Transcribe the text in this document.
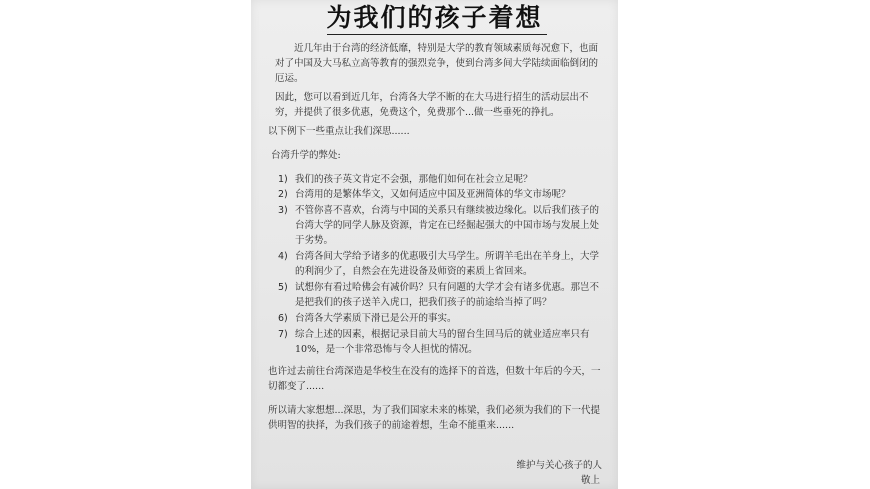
为我们的孩子着想

近几年由于台湾的经济低靡，特别是大学的教育领域素质每况愈下，也面对了中国及大马私立高等教育的强烈竞争，使到台湾多间大学陆续面临倒闭的厄运。

因此，您可以看到近几年，台湾各大学不断的在大马进行招生的活动层出不穷，并提供了很多优惠，免费这个，免费那个...做一些垂死的挣扎。

以下例下一些重点让我们深思......

台湾升学的弊处:

1) 我们的孩子英文肯定不会强，那他们如何在社会立足呢？
2) 台湾用的是繁体华文，又如何适应中国及亚洲简体的华文市场呢？
3) 不管你喜不喜欢，台湾与中国的关系只有继续被边缘化。以后我们孩子的台湾大学的同学人脉及资源，肯定在已经掘起强大的中国市场与发展上处于劣势。
4) 台湾各间大学给予诸多的优惠吸引大马学生。所谓羊毛出在羊身上，大学的利润少了，自然会在先进设备及师资的素质上省回来。
5) 试想你有看过哈佛会有减价吗？只有问题的大学才会有诸多优惠。那岂不是把我们的孩子送羊入虎口，把我们孩子的前途给当掉了吗？
6) 台湾各大学素质下滑已是公开的事实。
7) 综合上述的因素，根据记录目前大马的留台生回马后的就业适应率只有 10%，是一个非常恐怖与令人担忧的情况。

也许过去前往台湾深造是华校生在没有的选择下的首选，但数十年后的今天，一切都变了......

所以请大家想想...深思，为了我们国家未来的栋梁，我们必须为我们的下一代提供明智的抉择，为我们孩子的前途着想，生命不能重来......

维护与关心孩子的人
敬上
